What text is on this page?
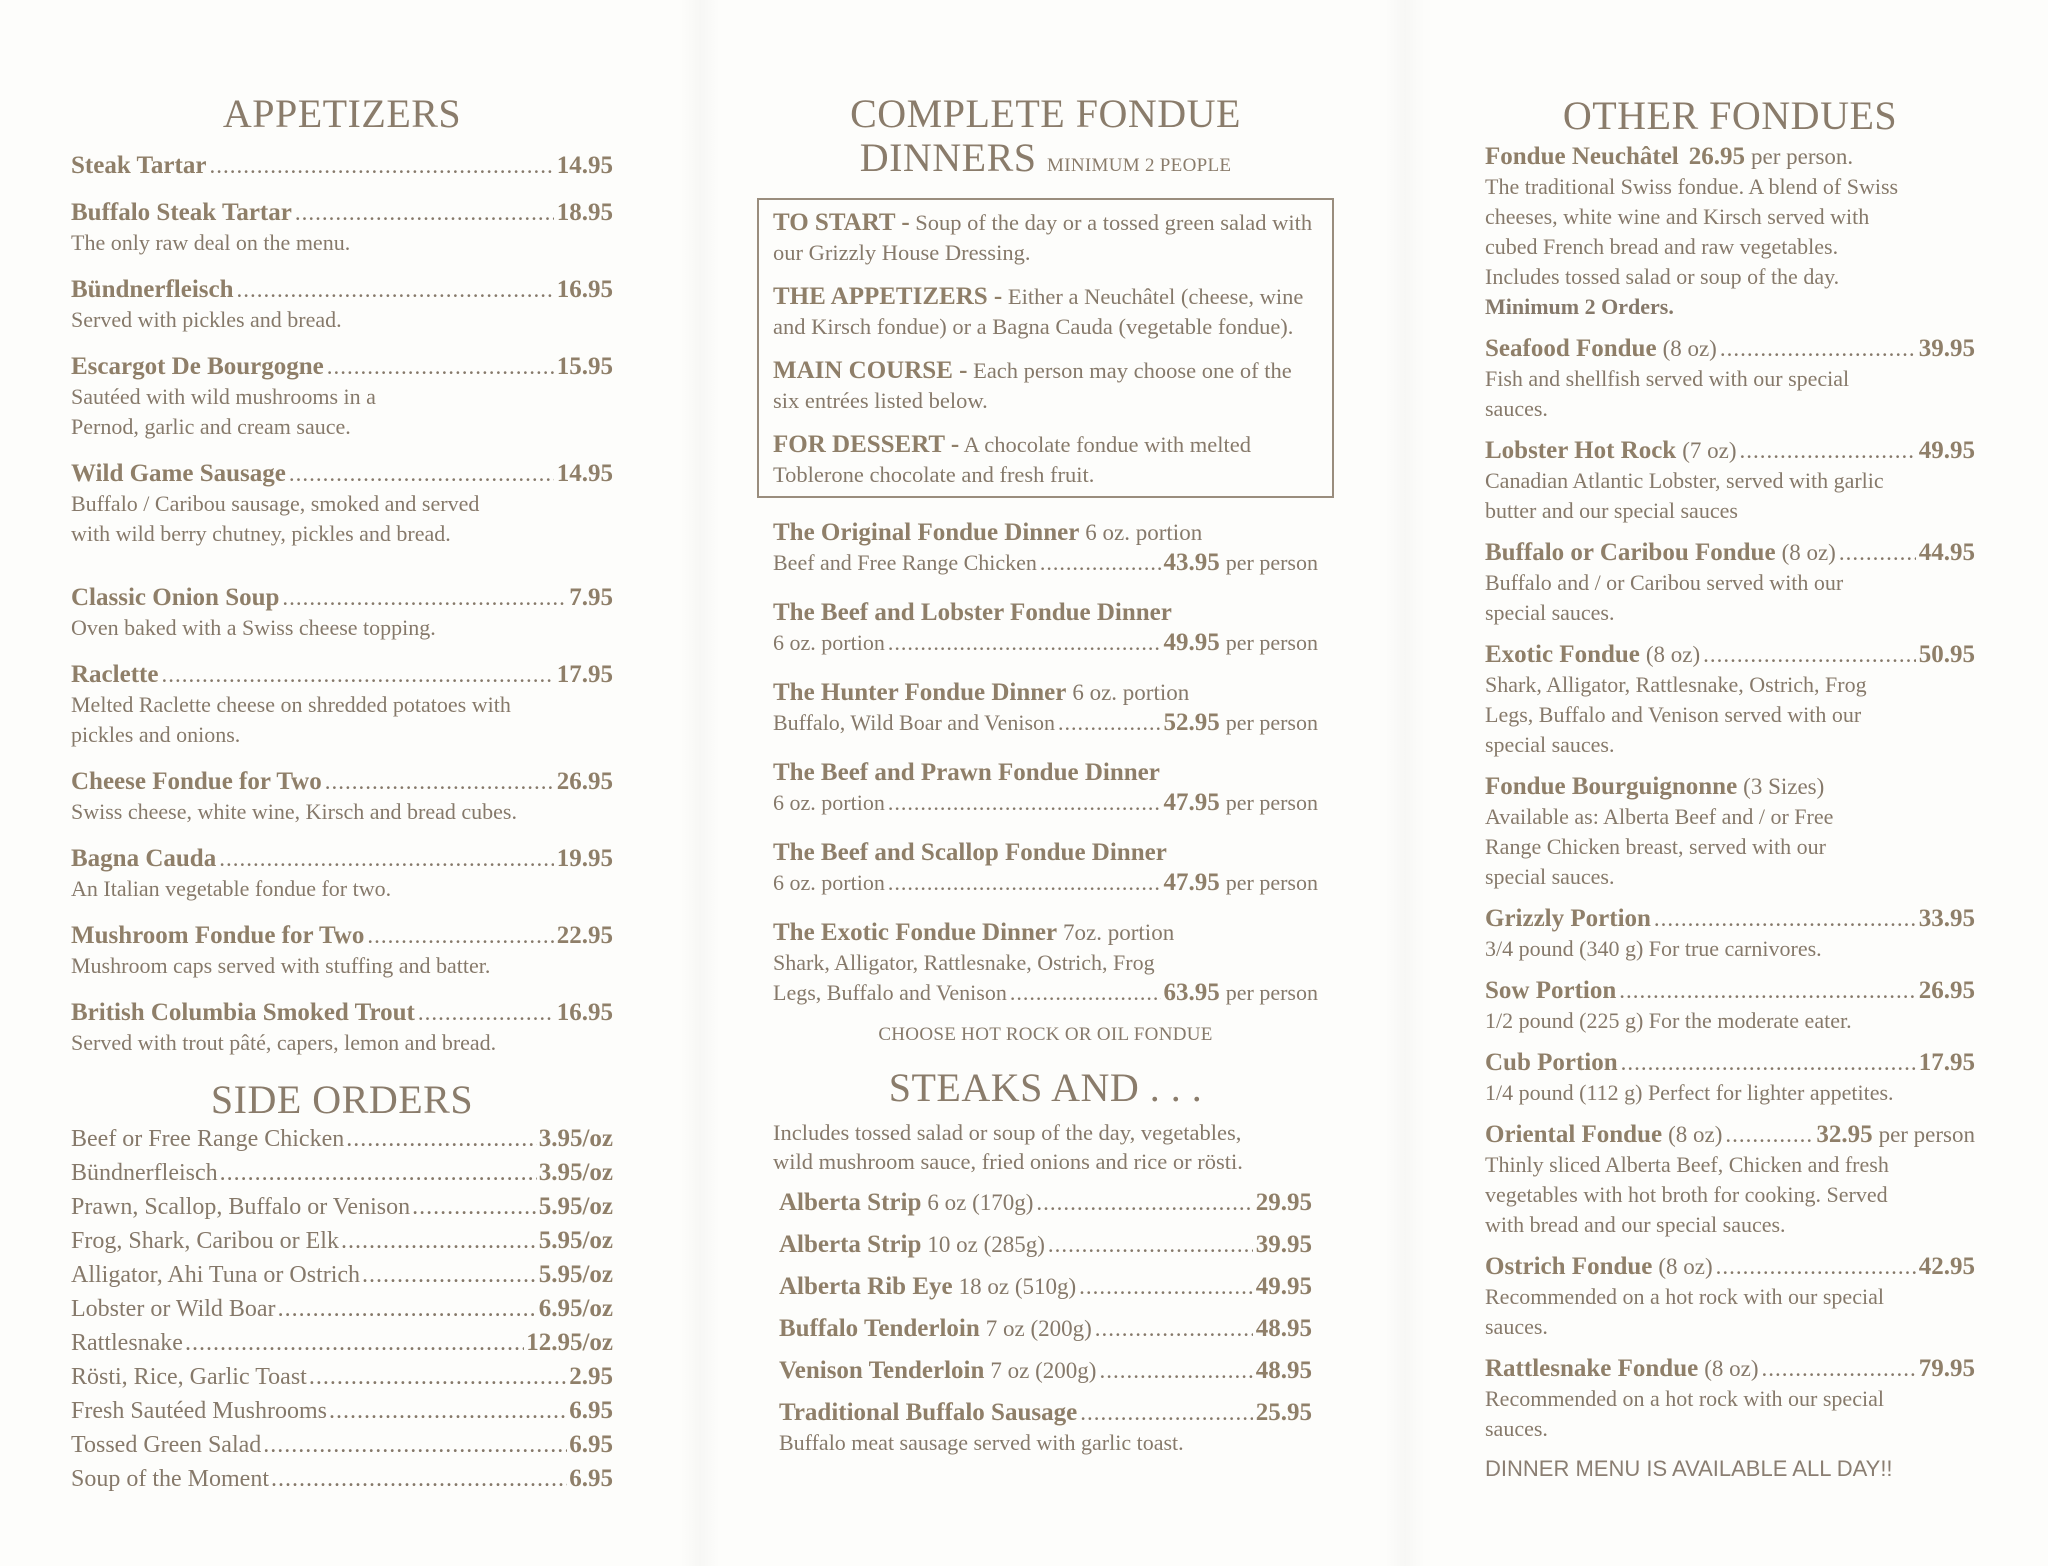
APPETIZERS
Steak Tartar .....	14.95
Buffalo Steak Tartar .....	18.95
The only raw deal on the menu.
Bündnerfleisch .....	16.95
Served with pickles and bread.
Escargot De Bourgogne .....	15.95
Sautéed with wild mushrooms in a
Pernod, garlic and cream sauce.
Wild Game Sausage .....	14.95
Buffalo / Caribou sausage, smoked and served
with wild berry chutney, pickles and bread.
Classic Onion Soup .....	7.95
Oven baked with a Swiss cheese topping.
Raclette .....	17.95
Melted Raclette cheese on shredded potatoes with
pickles and onions.
Cheese Fondue for Two .....	26.95
Swiss cheese, white wine, Kirsch and bread cubes.
Bagna Cauda .....	19.95
An Italian vegetable fondue for two.
Mushroom Fondue for Two .....	22.95
Mushroom caps served with stuffing and batter.
British Columbia Smoked Trout .....	16.95
Served with trout pâté, capers, lemon and bread.
SIDE ORDERS
Beef or Free Range Chicken .....	3.95/oz
Bündnerfleisch .....	3.95/oz
Prawn, Scallop, Buffalo or Venison .....	5.95/oz
Frog, Shark, Caribou or Elk .....	5.95/oz
Alligator, Ahi Tuna or Ostrich .....	5.95/oz
Lobster or Wild Boar .....	6.95/oz
Rattlesnake .....	12.95/oz
Rösti, Rice, Garlic Toast .....	2.95
Fresh Sautéed Mushrooms .....	6.95
Tossed Green Salad .....	6.95
Soup of the Moment .....	6.95
COMPLETE FONDUE
DINNERS MINIMUM 2 PEOPLE

TO START - Soup of the day or a tossed green salad with our Grizzly House Dressing.

THE APPETIZERS - Either a Neuchâtel (cheese, wine and Kirsch fondue) or a Bagna Cauda (vegetable fondue).

MAIN COURSE - Each person may choose one of the six entrées listed below.

FOR DESSERT - A chocolate fondue with melted Toblerone chocolate and fresh fruit.

The Original Fondue Dinner 6 oz. portion
Beef and Free Range Chicken .....	43.95 per person
The Beef and Lobster Fondue Dinner
6 oz. portion .....	49.95 per person
The Hunter Fondue Dinner 6 oz. portion
Buffalo, Wild Boar and Venison .....	52.95 per person
The Beef and Prawn Fondue Dinner
6 oz. portion .....	47.95 per person
The Beef and Scallop Fondue Dinner
6 oz. portion .....	47.95 per person
The Exotic Fondue Dinner 7oz. portion
Shark, Alligator, Rattlesnake, Ostrich, Frog
Legs, Buffalo and Venison .....	63.95 per person
CHOOSE HOT ROCK OR OIL FONDUE
STEAKS AND . . .
Includes tossed salad or soup of the day, vegetables,
wild mushroom sauce, fried onions and rice or rösti.
Alberta Strip 6 oz (170g) .....	29.95
Alberta Strip 10 oz (285g) .....	39.95
Alberta Rib Eye 18 oz (510g) .....	49.95
Buffalo Tenderloin 7 oz (200g) .....	48.95
Venison Tenderloin 7 oz (200g) .....	48.95
Traditional Buffalo Sausage .....	25.95
Buffalo meat sausage served with garlic toast.
OTHER FONDUES
Fondue Neuchâtel 26.95 per person.
The traditional Swiss fondue. A blend of Swiss
cheeses, white wine and Kirsch served with
cubed French bread and raw vegetables.
Includes tossed salad or soup of the day.
Minimum 2 Orders.
Seafood Fondue (8 oz) .....	39.95
Fish and shellfish served with our special
sauces.
Lobster Hot Rock (7 oz) .....	49.95
Canadian Atlantic Lobster, served with garlic
butter and our special sauces
Buffalo or Caribou Fondue (8 oz) .....	44.95
Buffalo and / or Caribou served with our
special sauces.
Exotic Fondue (8 oz) .....	50.95
Shark, Alligator, Rattlesnake, Ostrich, Frog
Legs, Buffalo and Venison served with our
special sauces.
Fondue Bourguignonne (3 Sizes)
Available as: Alberta Beef and / or Free
Range Chicken breast, served with our
special sauces.
Grizzly Portion .....	33.95
3/4 pound (340 g) For true carnivores.
Sow Portion .....	26.95
1/2 pound (225 g) For the moderate eater.
Cub Portion .....	17.95
1/4 pound (112 g) Perfect for lighter appetites.
Oriental Fondue (8 oz) .....	32.95 per person
Thinly sliced Alberta Beef, Chicken and fresh
vegetables with hot broth for cooking. Served
with bread and our special sauces.
Ostrich Fondue (8 oz) .....	42.95
Recommended on a hot rock with our special
sauces.
Rattlesnake Fondue (8 oz) .....	79.95
Recommended on a hot rock with our special
sauces.
DINNER MENU IS AVAILABLE ALL DAY!!
